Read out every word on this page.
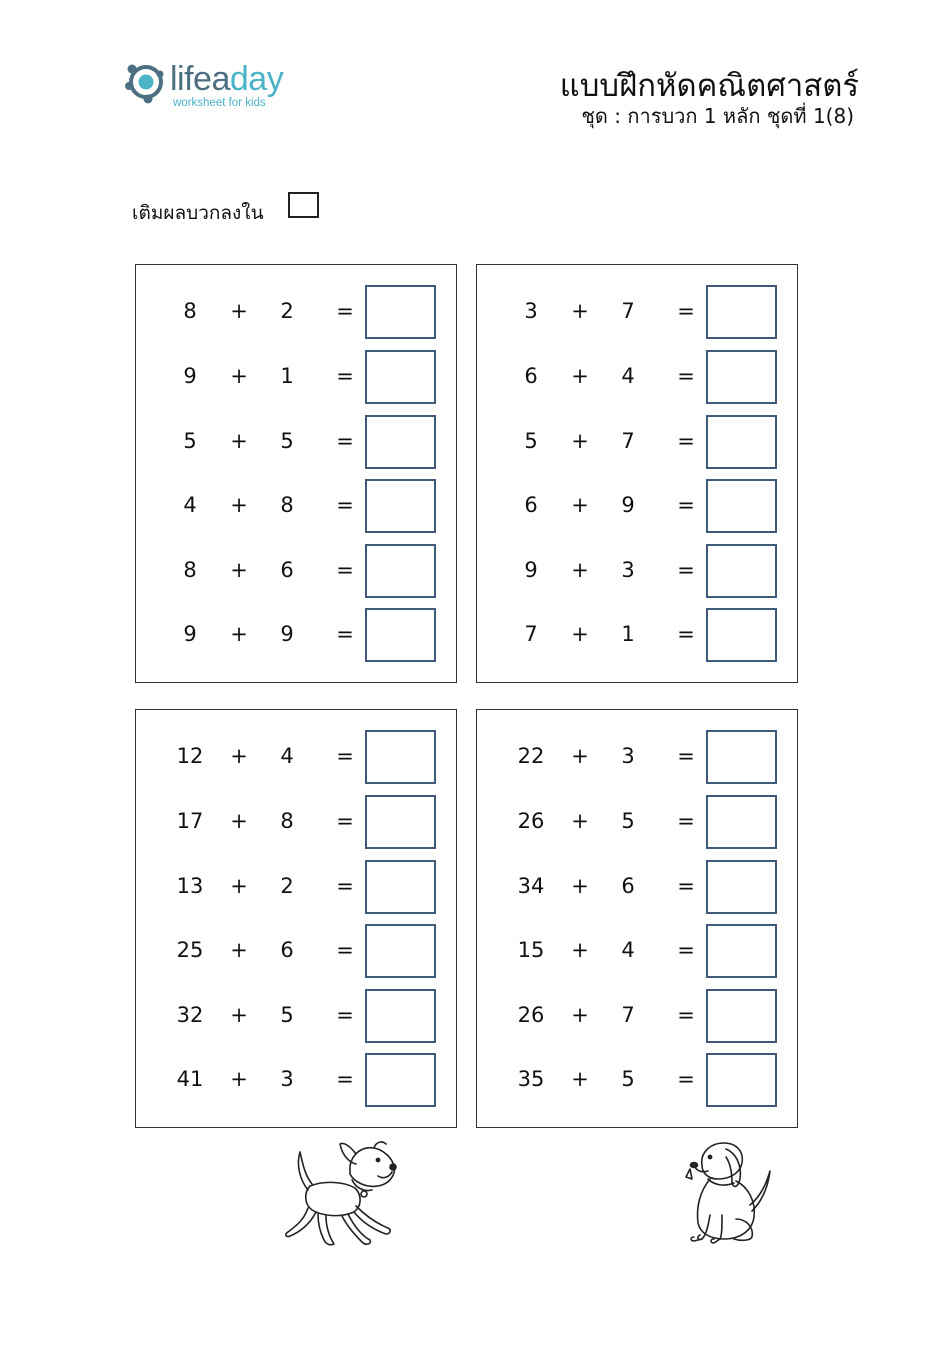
lifeaday
worksheet for kids	แบบฝึกหัดคณิตศาสตร์
ชุด : การบวก 1 หลัก ชุดที่ 1(8)
เติมผลบวกลงใน
8	+	2	=
9	+	1	=
5	+	5	=
4	+	8	=
8	+	6	=
9	+	9	=
3	+	7	=
6	+	4	=
5	+	7	=
6	+	9	=
9	+	3	=
7	+	1	=
12	+	4	=
17	+	8	=
13	+	2	=
25	+	6	=
32	+	5	=
41	+	3	=
22	+	3	=
26	+	5	=
34	+	6	=
15	+	4	=
26	+	7	=
35	+	5	=
